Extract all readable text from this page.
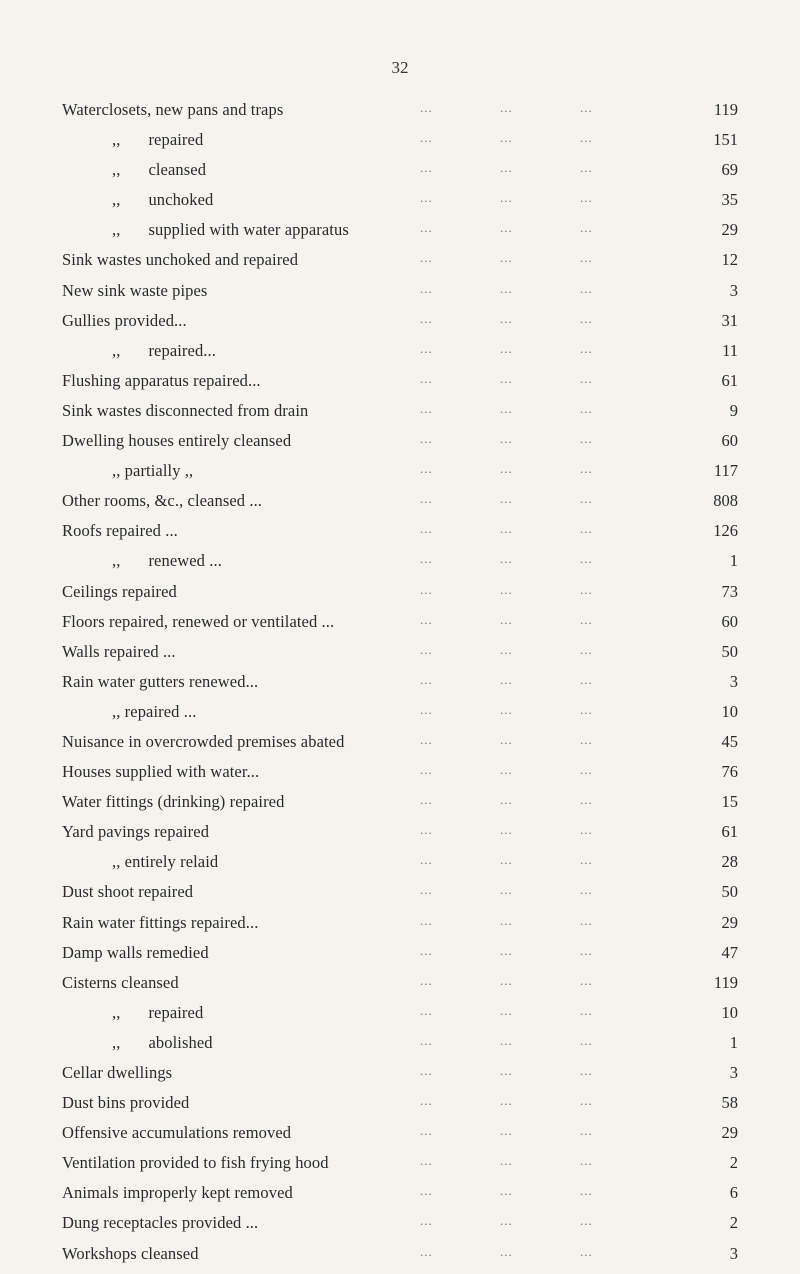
32
Waterclosets, new pans and traps	...	...	...	119
,, repaired	...	...	...	151
,, cleansed	...	...	...	69
,, unchoked	...	...	...	35
,, supplied with water apparatus	...	...	...	29
Sink wastes unchoked and repaired	...	...	...	12
New sink waste pipes	...	...	...	3
Gullies provided...	...	...	...	31
,, repaired...	...	...	...	11
Flushing apparatus repaired...	...	...	...	61
Sink wastes disconnected from drain	...	...	...	9
Dwelling houses entirely cleansed	...	...	...	60
,, partially ,,	...	...	...	117
Other rooms, &c., cleansed ...	...	...	...	808
Roofs repaired ...	...	...	...	126
,, renewed ...	...	...	...	1
Ceilings repaired	...	...	...	73
Floors repaired, renewed or ventilated ...	...	...	...	60
Walls repaired ...	...	...	...	50
Rain water gutters renewed...	...	...	...	3
,, repaired ...	...	...	...	10
Nuisance in overcrowded premises abated	...	...	...	45
Houses supplied with water...	...	...	...	76
Water fittings (drinking) repaired	...	...	...	15
Yard pavings repaired	...	...	...	61
,, entirely relaid	...	...	...	28
Dust shoot repaired	...	...	...	50
Rain water fittings repaired...	...	...	...	29
Damp walls remedied	...	...	...	47
Cisterns cleansed	...	...	...	119
,, repaired	...	...	...	10
,, abolished	...	...	...	1
Cellar dwellings	...	...	...	3
Dust bins provided	...	...	...	58
Offensive accumulations removed	...	...	...	29
Ventilation provided to fish frying hood	...	...	...	2
Animals improperly kept removed	...	...	...	6
Dung receptacles provided ...	...	...	...	2
Workshops cleansed	...	...	...	3
